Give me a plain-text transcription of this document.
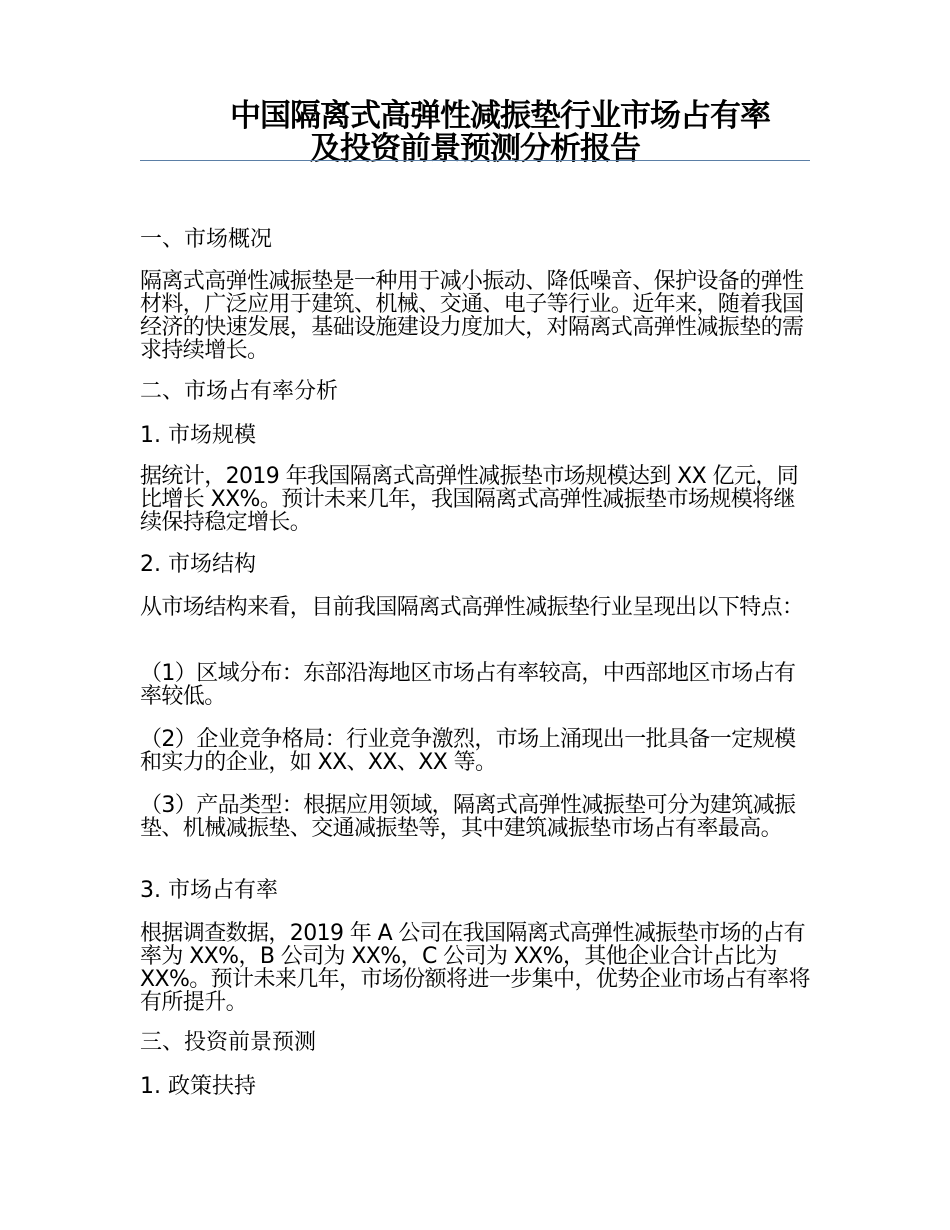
中国隔离式高弹性减振垫行业市场占有率
及投资前景预测分析报告
一、市场概况
隔离式高弹性减振垫是一种用于减小振动、降低噪音、保护设备的弹性材料，广泛应用于建筑、机械、交通、电子等行业。近年来，随着我国经济的快速发展，基础设施建设力度加大，对隔离式高弹性减振垫的需求持续增长。
二、市场占有率分析
1. 市场规模
据统计，2019 年我国隔离式高弹性减振垫市场规模达到 XX 亿元，同比增长 XX%。预计未来几年，我国隔离式高弹性减振垫市场规模将继续保持稳定增长。
2. 市场结构
从市场结构来看，目前我国隔离式高弹性减振垫行业呈现出以下特点：
（1）区域分布：东部沿海地区市场占有率较高，中西部地区市场占有率较低。
（2）企业竞争格局：行业竞争激烈，市场上涌现出一批具备一定规模和实力的企业，如 XX、XX、XX 等。
（3）产品类型：根据应用领域，隔离式高弹性减振垫可分为建筑减振垫、机械减振垫、交通减振垫等，其中建筑减振垫市场占有率最高。
3. 市场占有率
根据调查数据，2019 年 A 公司在我国隔离式高弹性减振垫市场的占有率为 XX%，B 公司为 XX%，C 公司为 XX%，其他企业合计占比为 XX%。预计未来几年，市场份额将进一步集中，优势企业市场占有率将有所提升。
三、投资前景预测
1. 政策扶持
